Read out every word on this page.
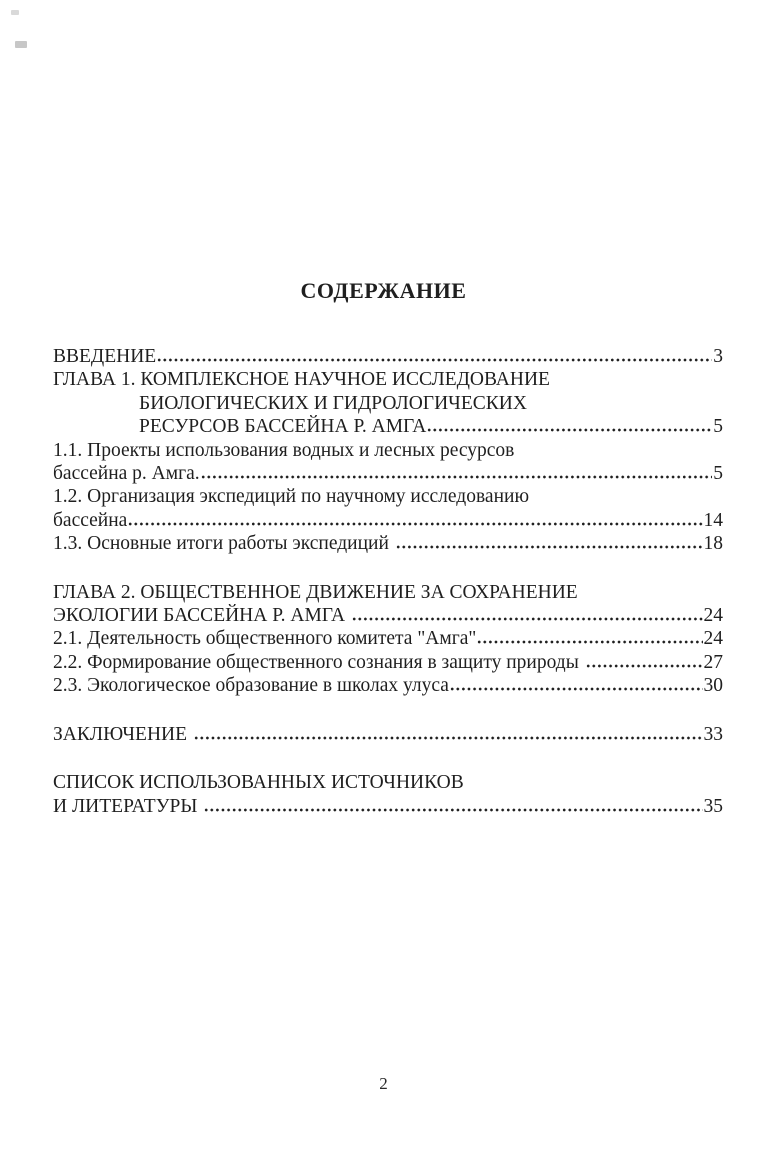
СОДЕРЖАНИЕ
ВВЕДЕНИЕ	3
ГЛАВА 1. КОМПЛЕКСНОЕ НАУЧНОЕ ИССЛЕДОВАНИЕ
БИОЛОГИЧЕСКИХ И ГИДРОЛОГИЧЕСКИХ
РЕСУРСОВ БАССЕЙНА Р. АМГА	5
1.1. Проекты использования водных и лесных ресурсов
бассейна р. Амга.	5
1.2. Организация экспедиций по научному исследованию
бассейна	14
1.3. Основные итоги работы экспедиций	18
ГЛАВА 2. ОБЩЕСТВЕННОЕ ДВИЖЕНИЕ ЗА СОХРАНЕНИЕ
ЭКОЛОГИИ БАССЕЙНА Р. АМГА	24
2.1. Деятельность общественного комитета "Амга"	24
2.2. Формирование общественного сознания в защиту природы	27
2.3. Экологическое образование в школах улуса	30
ЗАКЛЮЧЕНИЕ	33
СПИСОК ИСПОЛЬЗОВАННЫХ ИСТОЧНИКОВ
И ЛИТЕРАТУРЫ	35
2
